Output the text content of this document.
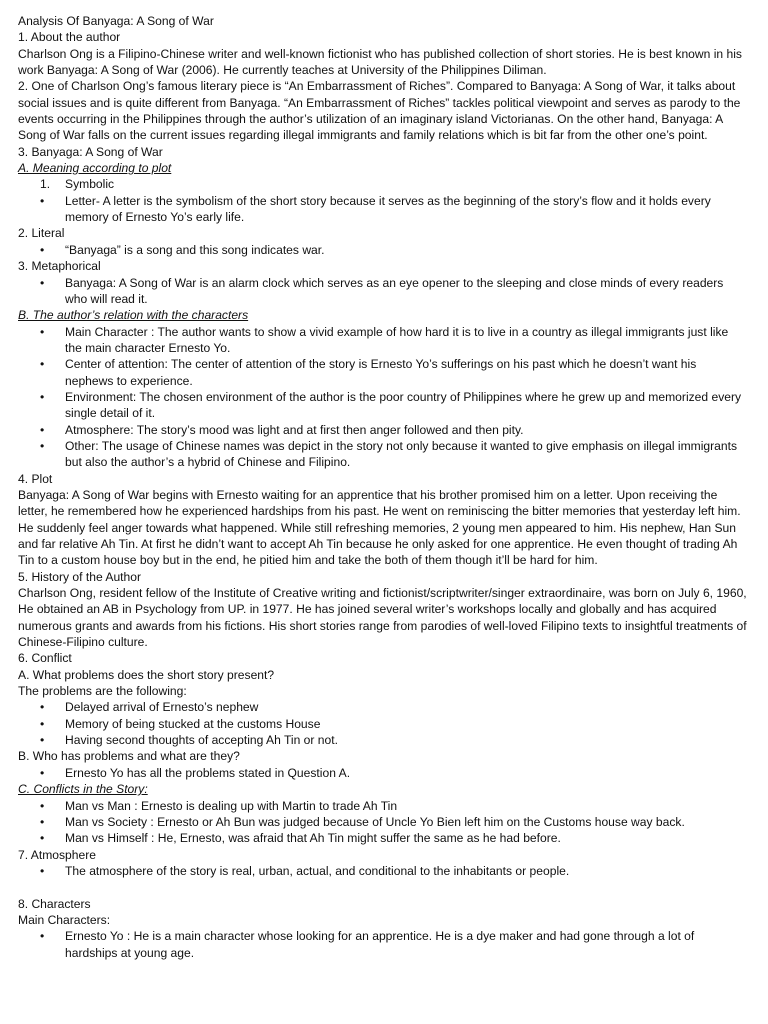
Analysis Of Banyaga: A Song of War
1. About the author
Charlson Ong is a Filipino-Chinese writer and well-known fictionist who has published collection of short stories. He is best known in his work Banyaga: A Song of War (2006). He currently teaches at University of the Philippines Diliman.
2. One of Charlson Ong’s famous literary piece is “An Embarrassment of Riches”. Compared to Banyaga: A Song of War, it talks about social issues and is quite different from Banyaga. “An Embarrassment of Riches” tackles political viewpoint and serves as parody to the events occurring in the Philippines through the author’s utilization of an imaginary island Victorianas. On the other hand, Banyaga: A Song of War falls on the current issues regarding illegal immigrants and family relations which is bit far from the other one’s point.
3. Banyaga: A Song of War
A. Meaning according to plot
1. Symbolic
• Letter- A letter is the symbolism of the short story because it serves as the beginning of the story’s flow and it holds every memory of Ernesto Yo’s early life.
2. Literal
• “Banyaga” is a song and this song indicates war.
3. Metaphorical
• Banyaga: A Song of War is an alarm clock which serves as an eye opener to the sleeping and close minds of every readers who will read it.
B. The author’s relation with the characters
• Main Character : The author wants to show a vivid example of how hard it is to live in a country as illegal immigrants just like the main character Ernesto Yo.
• Center of attention: The center of attention of the story is Ernesto Yo’s sufferings on his past which he doesn’t want his nephews to experience.
• Environment: The chosen environment of the author is the poor country of Philippines where he grew up and memorized every single detail of it.
• Atmosphere: The story’s mood was light and at first then anger followed and then pity.
• Other: The usage of Chinese names was depict in the story not only because it wanted to give emphasis on illegal immigrants but also the author’s a hybrid of Chinese and Filipino.
4. Plot
Banyaga: A Song of War begins with Ernesto waiting for an apprentice that his brother promised him on a letter. Upon receiving the letter, he remembered how he experienced hardships from his past. He went on reminiscing the bitter memories that yesterday left him. He suddenly feel anger towards what happened. While still refreshing memories, 2 young men appeared to him. His nephew, Han Sun and far relative Ah Tin. At first he didn’t want to accept Ah Tin because he only asked for one apprentice. He even thought of trading Ah Tin to a custom house boy but in the end, he pitied him and take the both of them though it’ll be hard for him.
5. History of the Author
Charlson Ong, resident fellow of the Institute of Creative writing and fictionist/scriptwriter/singer extraordinaire, was born on July 6, 1960, He obtained an AB in Psychology from UP. in 1977. He has joined several writer’s workshops locally and globally and has acquired numerous grants and awards from his fictions. His short stories range from parodies of well-loved Filipino texts to insightful treatments of Chinese-Filipino culture.
6. Conflict
A. What problems does the short story present?
The problems are the following:
• Delayed arrival of Ernesto’s nephew
• Memory of being stucked at the customs House
• Having second thoughts of accepting Ah Tin or not.
B. Who has problems and what are they?
• Ernesto Yo has all the problems stated in Question A.
C. Conflicts in the Story:
• Man vs Man : Ernesto is dealing up with Martin to trade Ah Tin
• Man vs Society : Ernesto or Ah Bun was judged because of Uncle Yo Bien left him on the Customs house way back.
• Man vs Himself : He, Ernesto, was afraid that Ah Tin might suffer the same as he had before.
7. Atmosphere
• The atmosphere of the story is real, urban, actual, and conditional to the inhabitants or people.
8. Characters
Main Characters:
• Ernesto Yo : He is a main character whose looking for an apprentice. He is a dye maker and had gone through a lot of hardships at young age.
